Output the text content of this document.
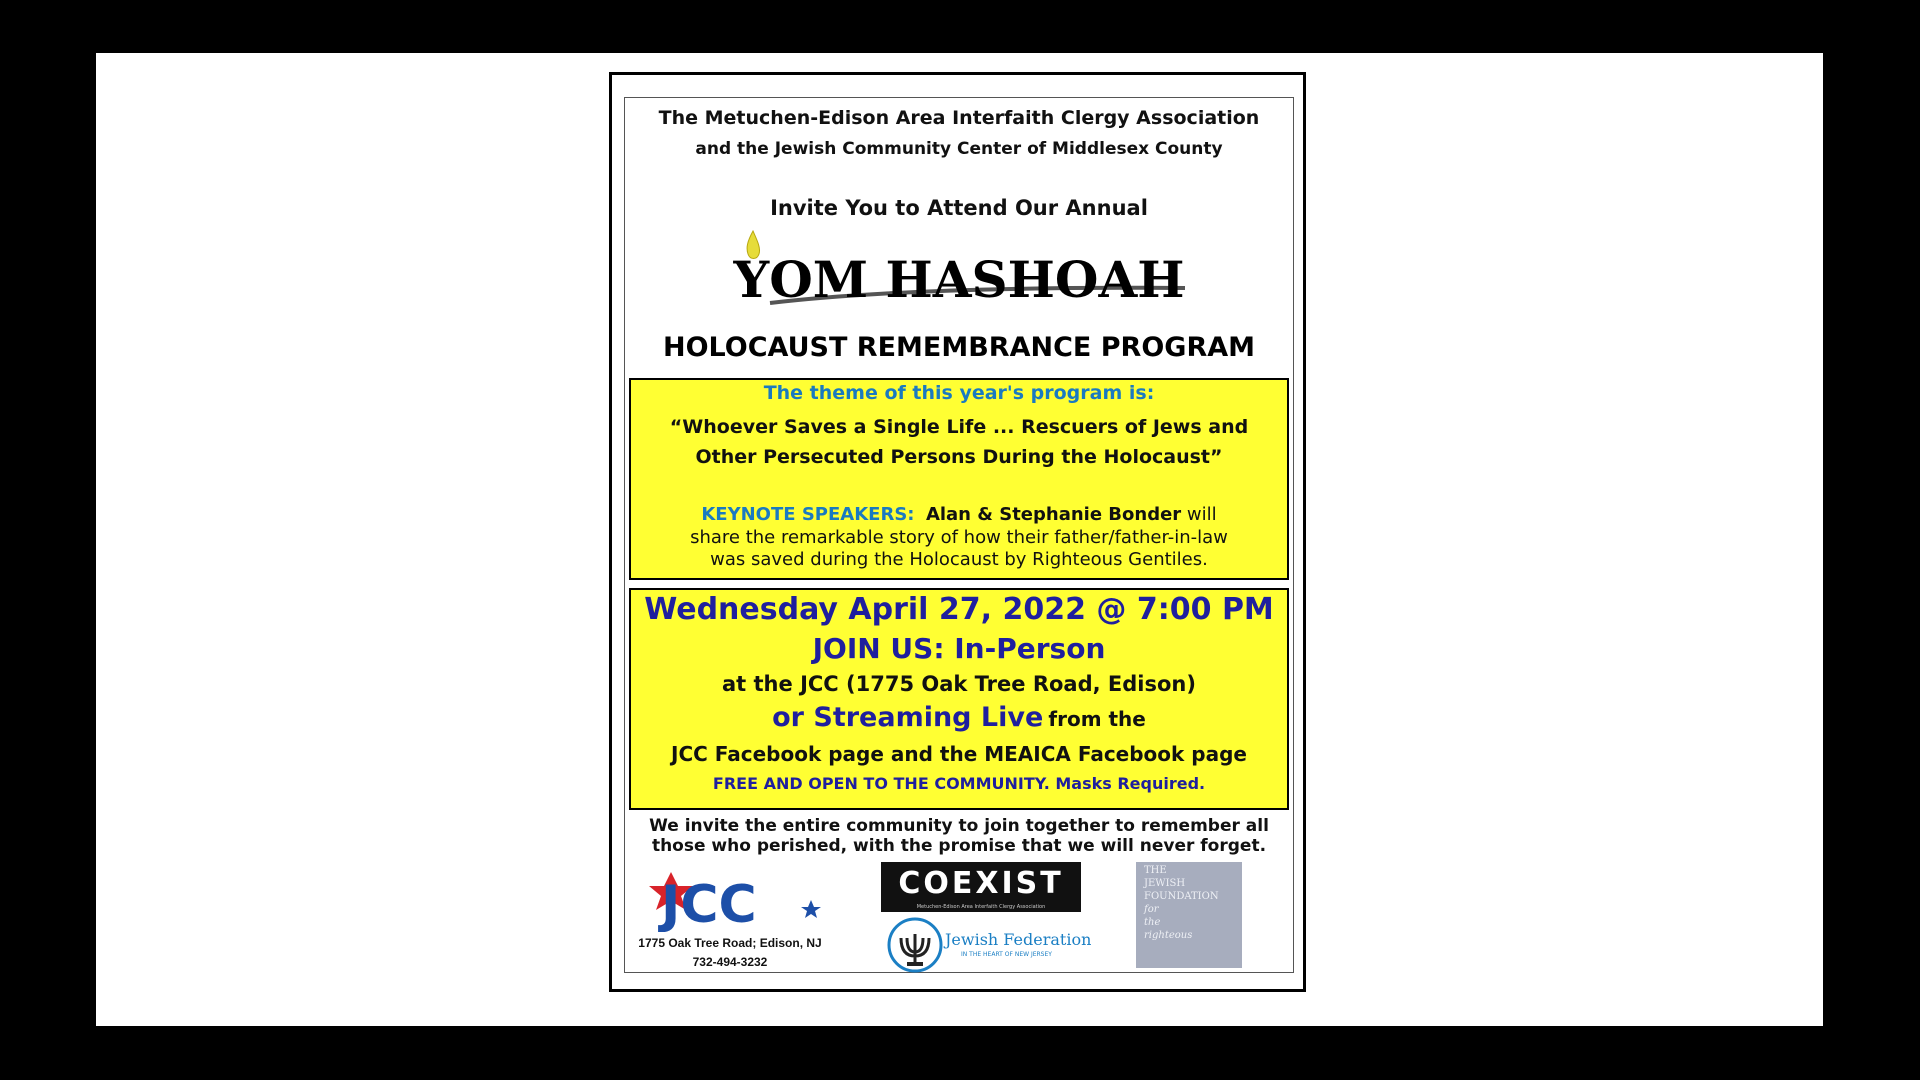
The Metuchen-Edison Area Interfaith Clergy Association
and the Jewish Community Center of Middlesex County
Invite You to Attend Our Annual
YOM HASHOAH
HOLOCAUST REMEMBRANCE PROGRAM
The theme of this year's program is:
“Whoever Saves a Single Life ... Rescuers of Jews and
Other Persecuted Persons During the Holocaust”
KEYNOTE SPEAKERS: Alan & Stephanie Bonder will
share the remarkable story of how their father/father-in-law
was saved during the Holocaust by Righteous Gentiles.
Wednesday April 27, 2022 @ 7:00 PM
JOIN US: In-Person
at the JCC (1775 Oak Tree Road, Edison)
or Streaming Live from the
JCC Facebook page and the MEAICA Facebook page
FREE AND OPEN TO THE COMMUNITY. Masks Required.
We invite the entire community to join together to remember all
those who perished, with the promise that we will never forget.
JCC
1775 Oak Tree Road; Edison, NJ
732-494-3232
COEXIST
Metuchen-Edison Area Interfaith Clergy Association
Jewish Federation
IN THE HEART OF NEW JERSEY
THE
JEWISH
FOUNDATION
for
the
righteous
